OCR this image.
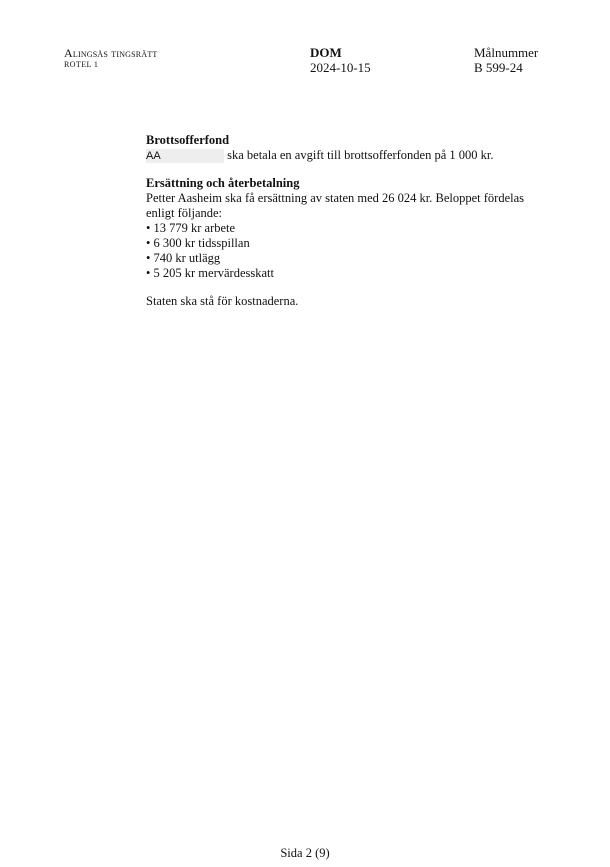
Alingsås tingsrätt
ROTEL 1
DOM
2024-10-15
Målnummer
B 599-24
Brottsofferfond
AA	ska betala en avgift till brottsofferfonden på 1 000 kr.
Ersättning och återbetalning
Petter Aasheim ska få ersättning av staten med 26 024 kr. Beloppet fördelas enligt följande:
• 13 779 kr arbete
• 6 300 kr tidsspillan
• 740 kr utlägg
• 5 205 kr mervärdesskatt
Staten ska stå för kostnaderna.
Sida 2 (9)
